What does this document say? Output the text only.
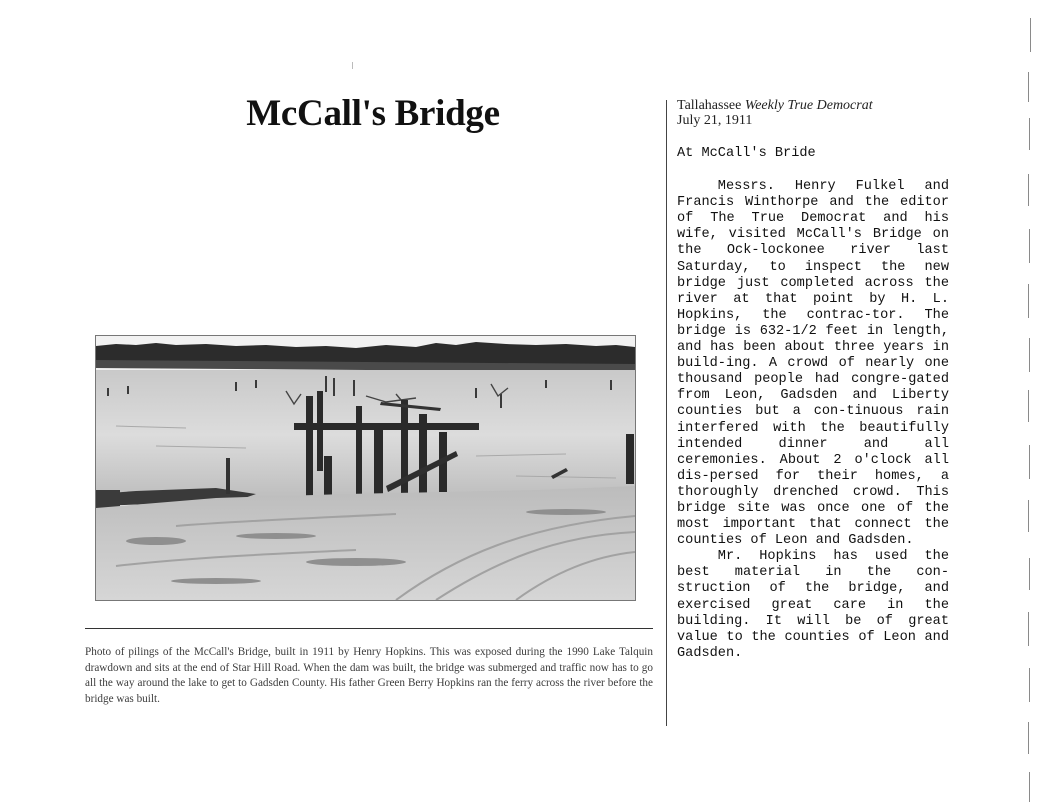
McCall's Bridge
Photo of pilings of the McCall's Bridge, built in 1911 by Henry Hopkins. This was exposed during the 1990 Lake Talquin drawdown and sits at the end of Star Hill Road. When the dam was built, the bridge was submerged and traffic now has to go all the way around the lake to get to Gadsden County. His father Green Berry Hopkins ran the ferry across the river before the bridge was built.
Tallahassee Weekly True Democrat
July 21, 1911
At McCall's Bride

Messrs. Henry Fulkel and Francis Winthorpe and the editor of The True Democrat and his wife, visited McCall's Bridge on the Ock-lockonee river last Saturday, to inspect the new bridge just completed across the river at that point by H. L. Hopkins, the contrac-tor. The bridge is 632-1/2 feet in length, and has been about three years in build-ing. A crowd of nearly one thousand people had congre-gated from Leon, Gadsden and Liberty counties but a con-tinuous rain interfered with the beautifully intended dinner and all ceremonies. About 2 o'clock all dis-persed for their homes, a thoroughly drenched crowd. This bridge site was once one of the most important that connect the counties of Leon and Gadsden.

Mr. Hopkins has used the best material in the con-struction of the bridge, and exercised great care in the building. It will be of great value to the counties of Leon and Gadsden.
